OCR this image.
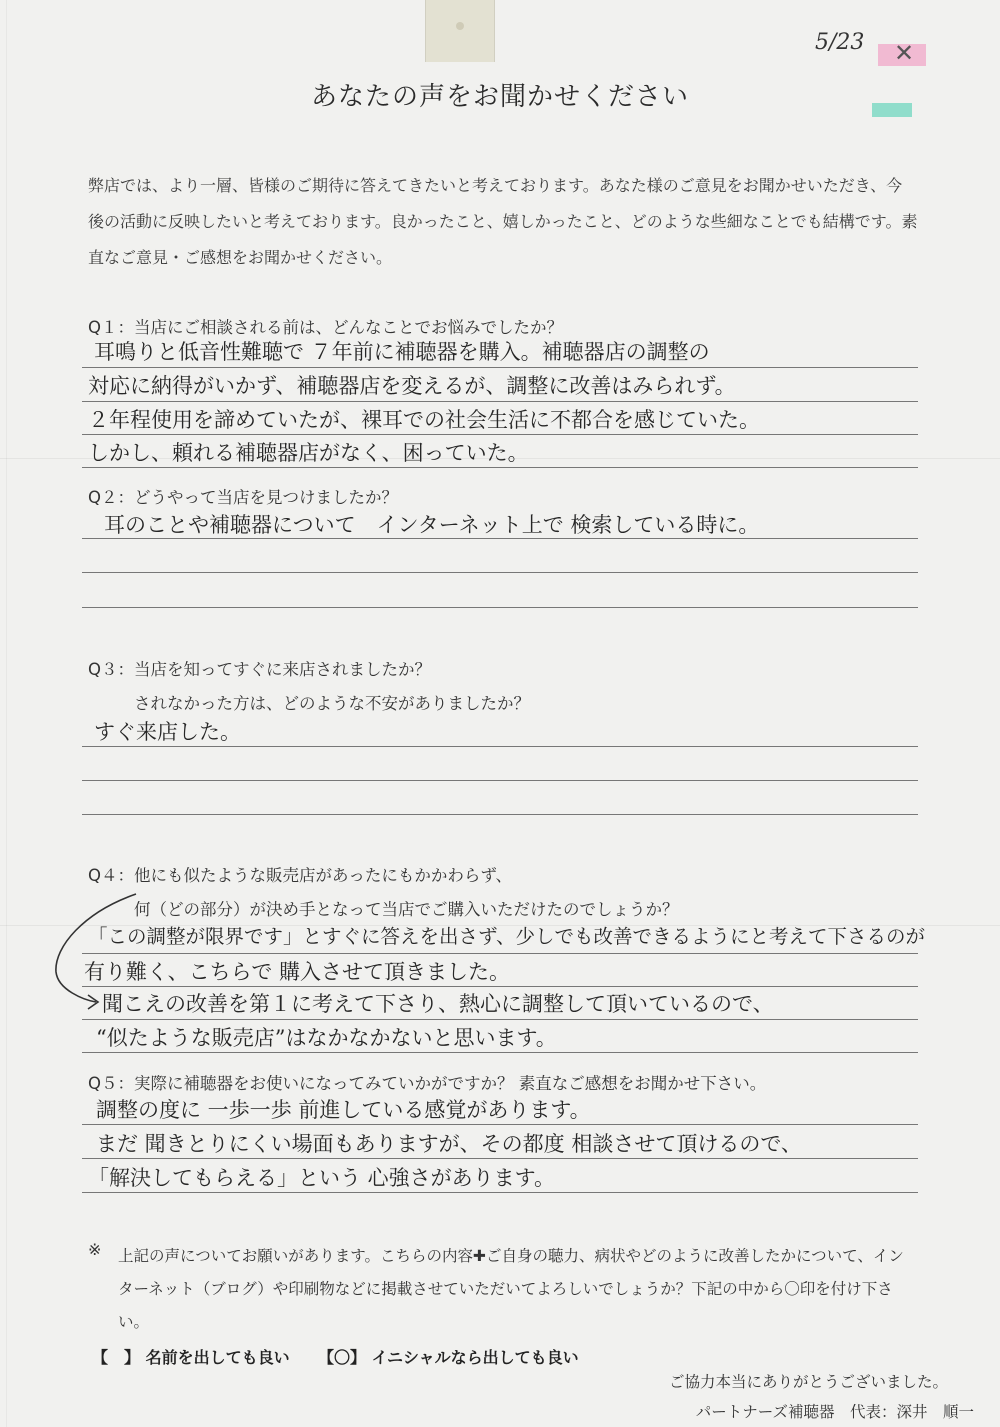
5/23	✕
あなたの声をお聞かせください
弊店では、より一層、皆様のご期待に答えてきたいと考えております。あなた様のご意見をお聞かせいただき、今後の活動に反映したいと考えております。良かったこと、嬉しかったこと、どのような些細なことでも結構です。素直なご意見・ご感想をお聞かせください。
Q１：当店にご相談される前は、どんなことでお悩みでしたか？
耳鳴りと低音性難聴で ７年前に補聴器を購入。補聴器店の調整の
対応に納得がいかず、補聴器店を変えるが、調整に改善はみられず。
２年程使用を諦めていたが、裸耳での社会生活に不都合を感じていた。
しかし、頼れる補聴器店がなく、困っていた。
Q２：どうやって当店を見つけましたか？
耳のことや補聴器について　インターネット上で 検索している時に。
Q３：当店を知ってすぐに来店されましたか？
されなかった方は、どのような不安がありましたか？
すぐ来店した。
Q４：他にも似たような販売店があったにもかかわらず、
何（どの部分）が決め手となって当店でご購入いただけたのでしょうか？
「この調整が限界です」とすぐに答えを出さず、少しでも改善できるようにと考えて下さるのが
有り難く、こちらで 購入させて頂きました。
聞こえの改善を第１に考えて下さり、熱心に調整して頂いているので、
“似たような販売店”はなかなかないと思います。
Q５：実際に補聴器をお使いになってみていかがですか？ 素直なご感想をお聞かせ下さい。
調整の度に 一歩一歩 前進している感覚があります。
まだ 聞きとりにくい場面もありますが、その都度 相談させて頂けるので、
「解決してもらえる」という 心強さがあります。
※ 上記の声についてお願いがあります。こちらの内容✚ご自身の聴力、病状やどのように改善したかについて、インターネット（ブログ）や印刷物などに掲載させていただいてよろしいでしょうか？下記の中から〇印を付け下さい。
【　】 名前を出しても良い 【〇】 イニシャルなら出しても良い
ご協力本当にありがとうございました。
パートナーズ補聴器　代表：深井　順一
